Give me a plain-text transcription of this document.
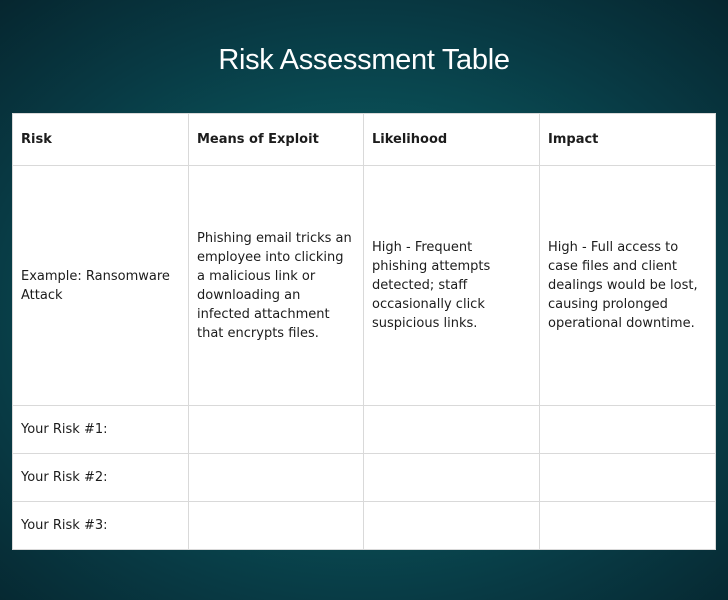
Risk Assessment Table
Risk	Means of Exploit	Likelihood	Impact
Example: Ransomware Attack	Phishing email tricks an employee into clicking a malicious link or downloading an infected attachment that encrypts files.	High - Frequent phishing attempts detected; staff occasionally click suspicious links.	High - Full access to case files and client dealings would be lost, causing prolonged operational downtime.
Your Risk #1:			
Your Risk #2:			
Your Risk #3:			
